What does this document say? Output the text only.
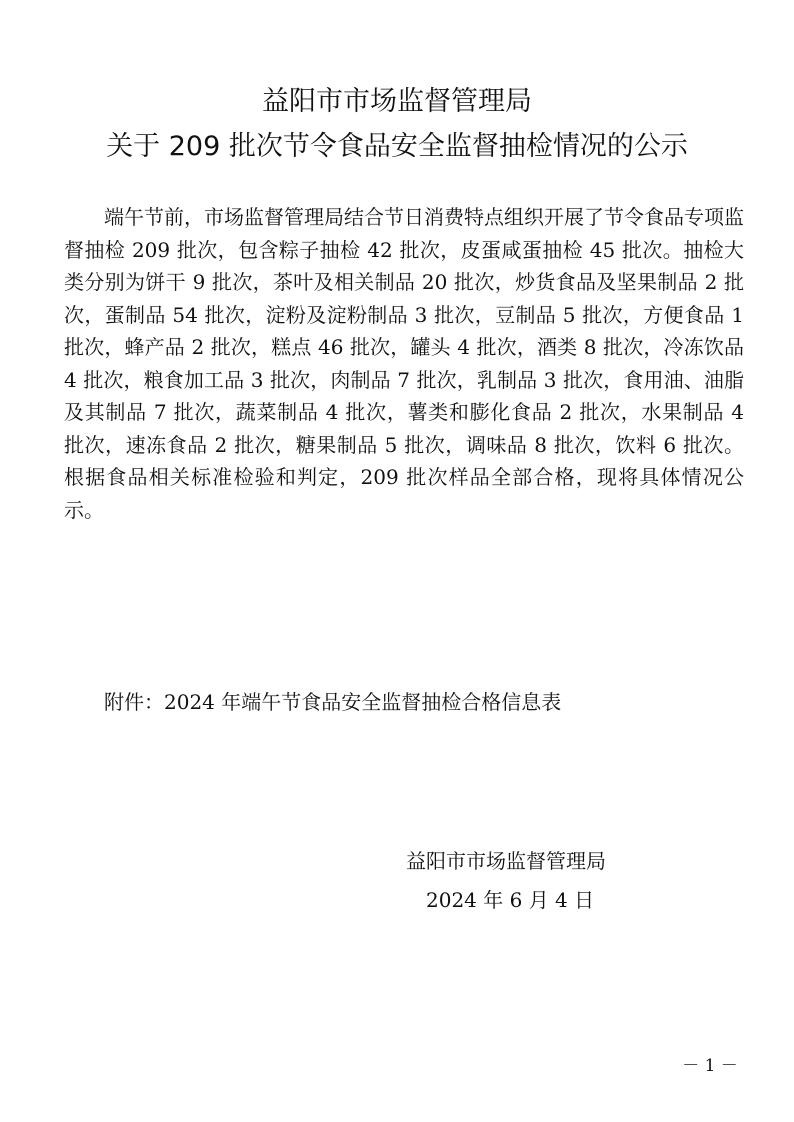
益阳市市场监督管理局
关于 209 批次节令食品安全监督抽检情况的公示

端午节前，市场监督管理局结合节日消费特点组织开展了节令食品专项监督抽检 209 批次，包含粽子抽检 42 批次，皮蛋咸蛋抽检 45 批次。抽检大类分别为饼干 9 批次，茶叶及相关制品 20 批次，炒货食品及坚果制品 2 批次，蛋制品 54 批次，淀粉及淀粉制品 3 批次，豆制品 5 批次，方便食品 1 批次，蜂产品 2 批次，糕点 46 批次，罐头 4 批次，酒类 8 批次，冷冻饮品 4 批次，粮食加工品 3 批次，肉制品 7 批次，乳制品 3 批次，食用油、油脂及其制品 7 批次，蔬菜制品 4 批次，薯类和膨化食品 2 批次，水果制品 4 批次，速冻食品 2 批次，糖果制品 5 批次，调味品 8 批次，饮料 6 批次。根据食品相关标准检验和判定，209 批次样品全部合格，现将具体情况公示。

附件：2024 年端午节食品安全监督抽检合格信息表

益阳市市场监督管理局
2024 年 6 月 4 日
－ 1 －
